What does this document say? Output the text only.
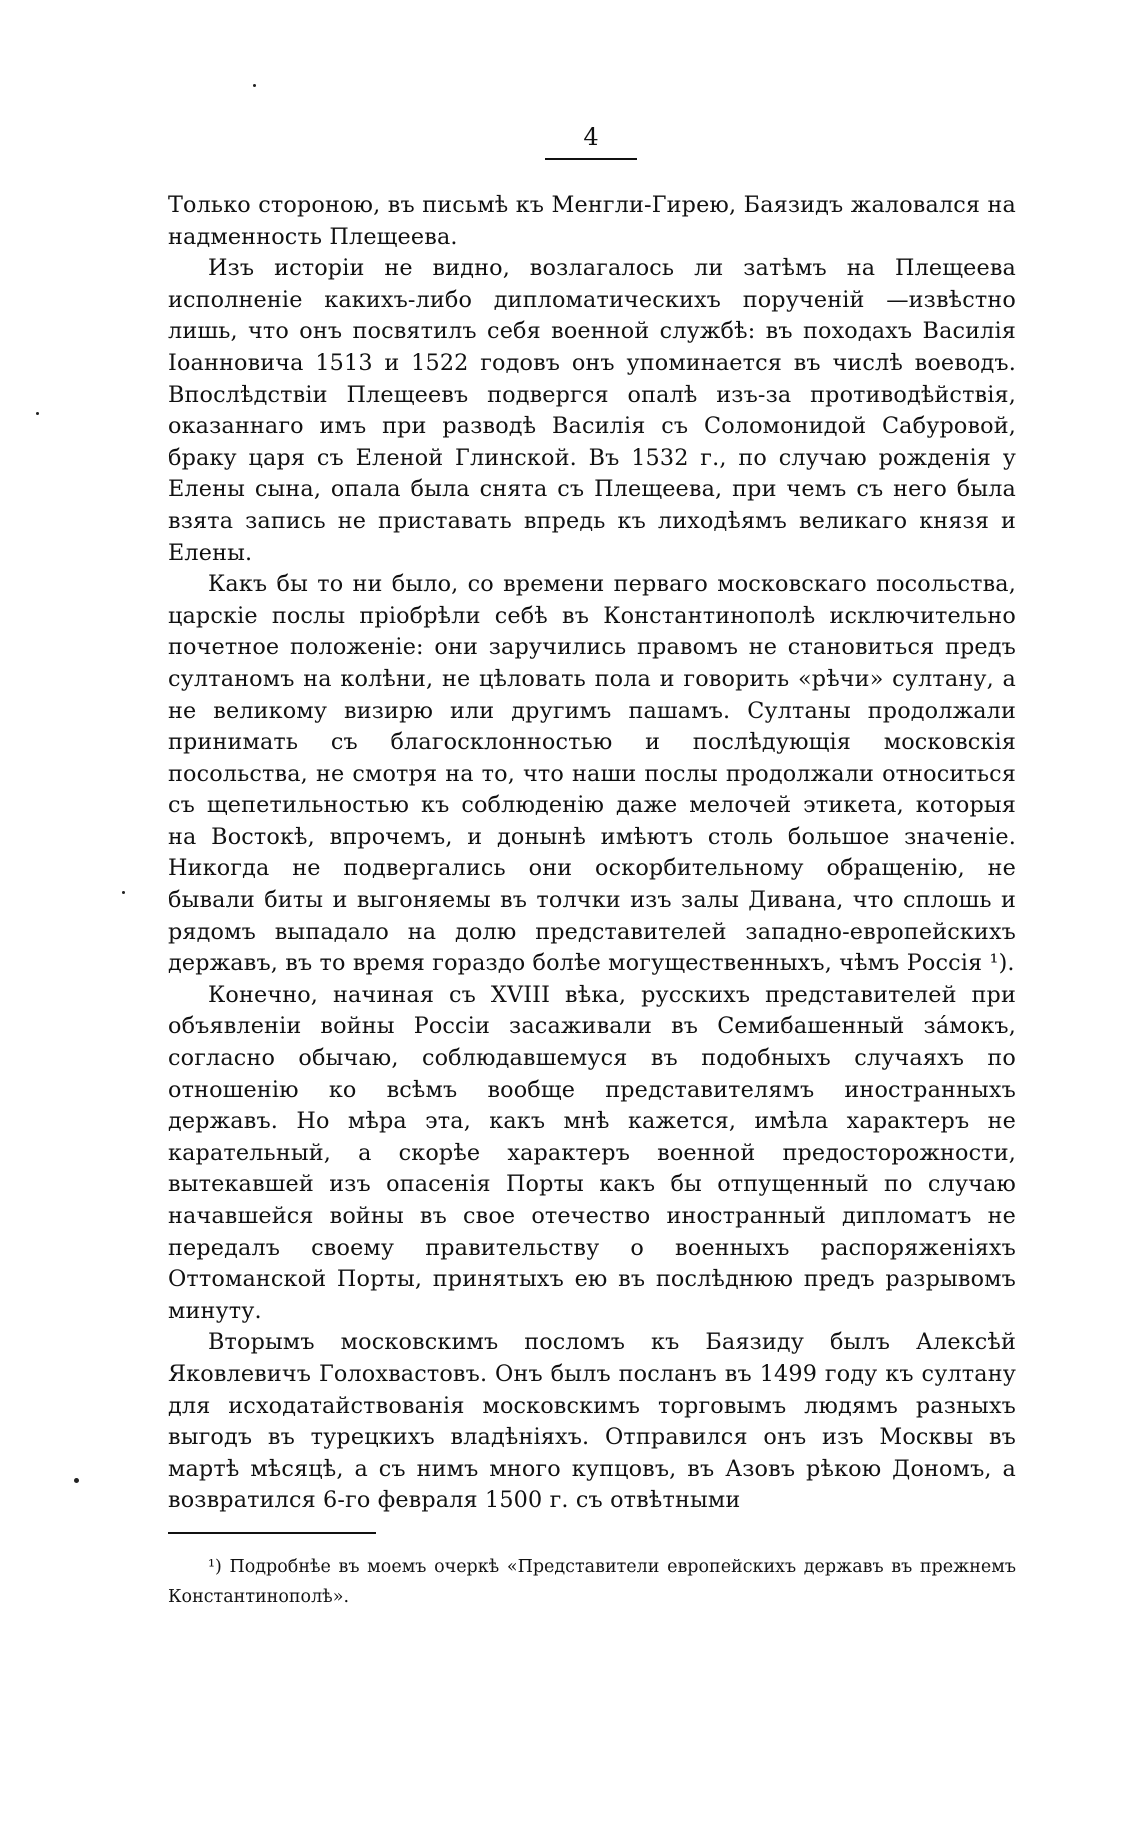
4

Только стороною, въ письмѣ къ Менгли-Гирею, Баязидъ жаловался на надменность Плещеева.

Изъ исторіи не видно, возлагалось ли затѣмъ на Плещеева исполненіе какихъ-либо дипломатическихъ порученій —извѣстно лишь, что онъ посвятилъ себя военной службѣ: въ походахъ Василія Іоанновича 1513 и 1522 годовъ онъ упоминается въ числѣ воеводъ. Впослѣдствіи Плещеевъ подвергся опалѣ изъ-за противодѣйствія, оказаннаго имъ при разводѣ Василія съ Соломонидой Сабуровой, браку царя съ Еленой Глинской. Въ 1532 г., по случаю рожденія у Елены сына, опала была снята съ Плещеева, при чемъ съ него была взята запись не приставать впредь къ лиходѣямъ великаго князя и Елены.

Какъ бы то ни было, со времени перваго московскаго посольства, царскіе послы пріобрѣли себѣ въ Константинополѣ исключительно почетное положеніе: они заручились правомъ не становиться предъ султаномъ на колѣни, не цѣловать пола и говорить «рѣчи» султану, а не великому визирю или другимъ пашамъ. Султаны продолжали принимать съ благосклонностью и послѣдующія московскія посольства, не смотря на то, что наши послы продолжали относиться съ щепетильностью къ соблюденію даже мелочей этикета, которыя на Востокѣ, впрочемъ, и донынѣ имѣютъ столь большое значеніе. Никогда не подвергались они оскорбительному обращенію, не бывали биты и выгоняемы въ толчки изъ залы Дивана, что сплошь и рядомъ выпадало на долю представителей западно-европейскихъ державъ, въ то время гораздо болѣе могущественныхъ, чѣмъ Россія ¹).

Конечно, начиная съ XVIII вѣка, русскихъ представителей при объявленіи войны Россіи засаживали въ Семибашенный зáмокъ, согласно обычаю, соблюдавшемуся въ подобныхъ случаяхъ по отношенію ко всѣмъ вообще представителямъ иностранныхъ державъ. Но мѣра эта, какъ мнѣ кажется, имѣла характеръ не карательный, а скорѣе характеръ военной предосторожности, вытекавшей изъ опасенія Порты какъ бы отпущенный по случаю начавшейся войны въ свое отечество иностранный дипломатъ не передалъ своему правительству о военныхъ распоряженіяхъ Оттоманской Порты, принятыхъ ею въ послѣднюю предъ разрывомъ минуту.

Вторымъ московскимъ посломъ къ Баязиду былъ Алексѣй Яковлевичъ Голохвастовъ. Онъ былъ посланъ въ 1499 году къ султану для исходатайствованія московскимъ торговымъ людямъ разныхъ выгодъ въ турецкихъ владѣніяхъ. Отправился онъ изъ Москвы въ мартѣ мѣсяцѣ, а съ нимъ много купцовъ, въ Азовъ рѣкою Дономъ, а возвратился 6-го февраля 1500 г. съ отвѣтными

¹) Подробнѣе въ моемъ очеркѣ «Представители европейскихъ державъ въ прежнемъ Константинополѣ».
